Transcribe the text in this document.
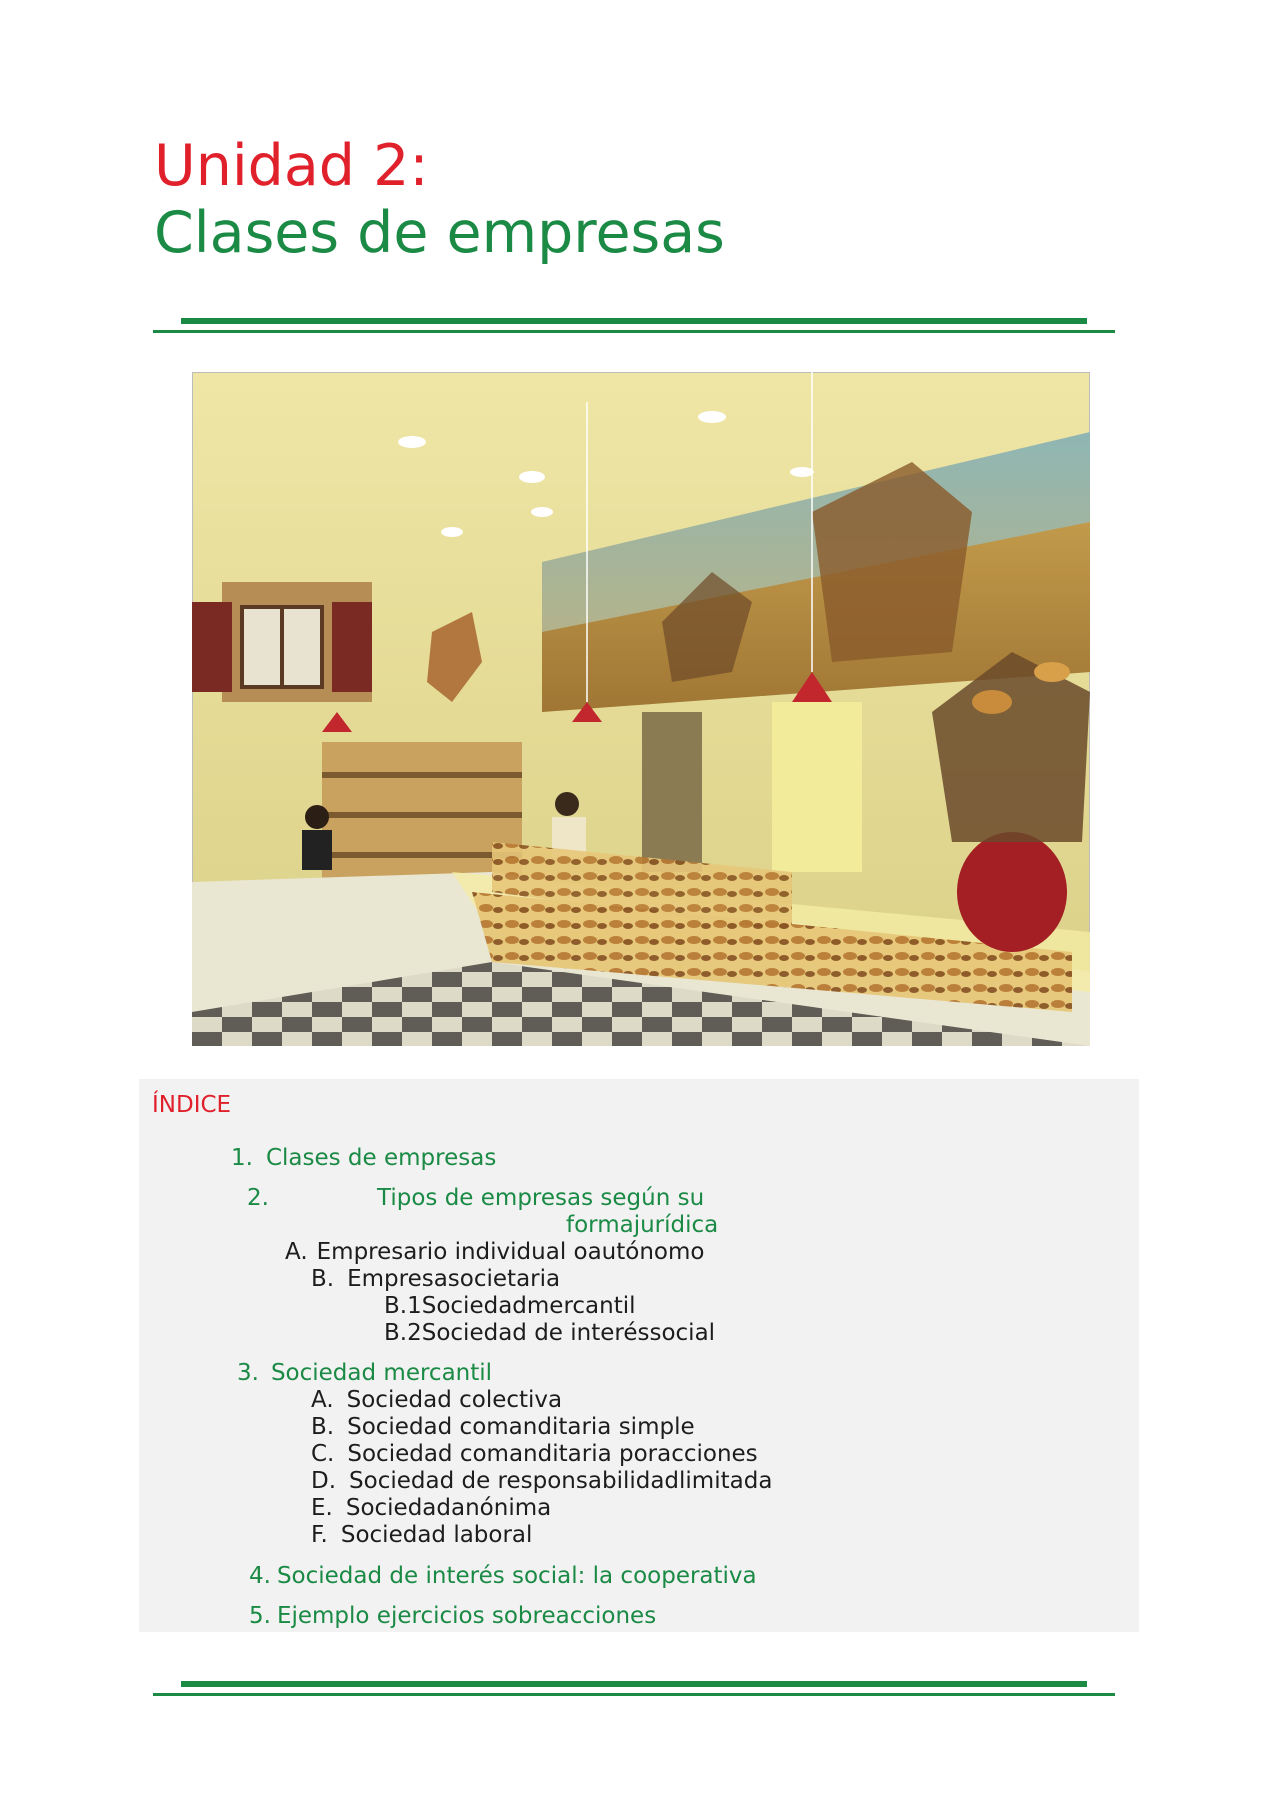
Unidad 2:
Clases de empresas
ÍNDICE
1. Clases de empresas
2.	Tipos de empresas según su
formajurídica
A. Empresario individual oautónomo
B. Empresasocietaria
B.1Sociedadmercantil
B.2Sociedad de interéssocial
3. Sociedad mercantil
A. Sociedad colectiva
B. Sociedad comanditaria simple
C. Sociedad comanditaria poracciones
D. Sociedad de responsabilidadlimitada
E. Sociedadanónima
F. Sociedad laboral
4. Sociedad de interés social: la cooperativa
5. Ejemplo ejercicios sobreacciones
